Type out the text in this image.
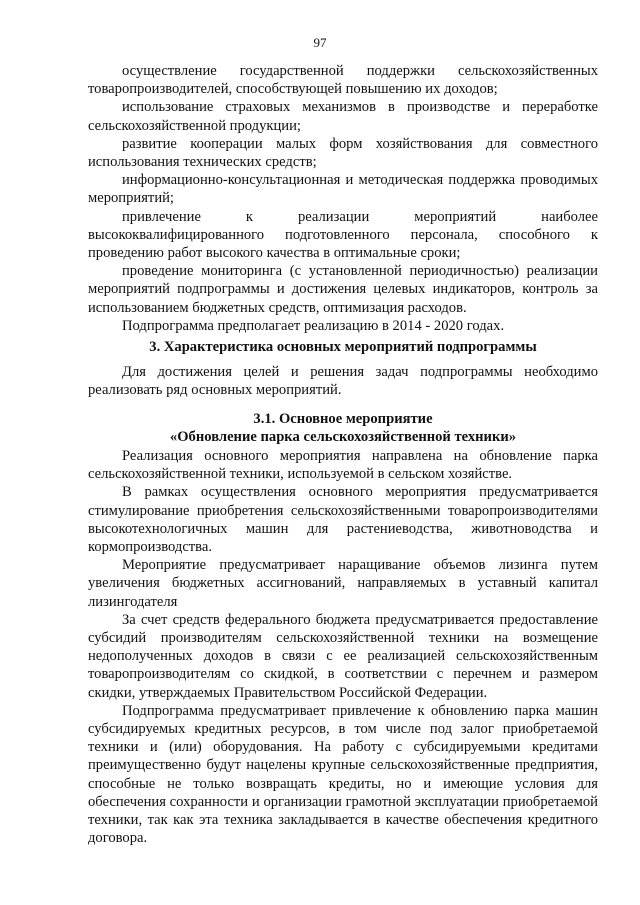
97

осуществление государственной поддержки сельскохозяйственных товаропроизводителей, способствующей повышению их доходов;

использование страховых механизмов в производстве и переработке сельскохозяйственной продукции;

развитие кооперации малых форм хозяйствования для совместного использования технических средств;

информационно-консультационная и методическая поддержка проводимых мероприятий;

привлечение к реализации мероприятий наиболее высококвалифицированного подготовленного персонала, способного к проведению работ высокого качества в оптимальные сроки;

проведение мониторинга (с установленной периодичностью) реализации мероприятий подпрограммы и достижения целевых индикаторов, контроль за использованием бюджетных средств, оптимизация расходов.

Подпрограмма предполагает реализацию в 2014 - 2020 годах.

3. Характеристика основных мероприятий подпрограммы

Для достижения целей и решения задач подпрограммы необходимо реализовать ряд основных мероприятий.

3.1. Основное мероприятие

«Обновление парка сельскохозяйственной техники»

Реализация основного мероприятия направлена на обновление парка сельскохозяйственной техники, используемой в сельском хозяйстве.

В рамках осуществления основного мероприятия предусматривается стимулирование приобретения сельскохозяйственными товаропроизводителями высокотехнологичных машин для растениеводства, животноводства и кормопроизводства.

Мероприятие предусматривает наращивание объемов лизинга путем увеличения бюджетных ассигнований, направляемых в уставный капитал лизингодателя

За счет средств федерального бюджета предусматривается предоставление субсидий производителям сельскохозяйственной техники на возмещение недополученных доходов в связи с ее реализацией сельскохозяйственным товаропроизводителям со скидкой, в соответствии с перечнем и размером скидки, утверждаемых Правительством Российской Федерации.

Подпрограмма предусматривает привлечение к обновлению парка машин субсидируемых кредитных ресурсов, в том числе под залог приобретаемой техники и (или) оборудования. На работу с субсидируемыми кредитами преимущественно будут нацелены крупные сельскохозяйственные предприятия, способные не только возвращать кредиты, но и имеющие условия для обеспечения сохранности и организации грамотной эксплуатации приобретаемой техники, так как эта техника закладывается в качестве обеспечения кредитного договора.
